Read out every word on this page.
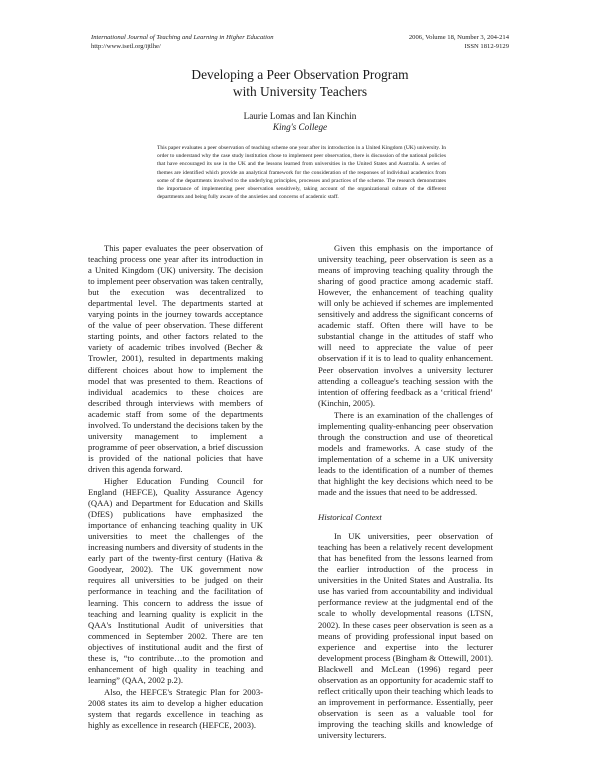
International Journal of Teaching and Learning in Higher Education	2006, Volume 18, Number 3, 204-214
http://www.isetl.org/ijtlhe/	ISSN 1812-9129
Developing a Peer Observation Program
with University Teachers
Laurie Lomas and Ian Kinchin
King's College
This paper evaluates a peer observation of teaching scheme one year after its introduction in a United Kingdom (UK) university. In order to understand why the case study institution chose to implement peer observation, there is discussion of the national policies that have encouraged its use in the UK and the lessons learned from universities in the United States and Australia. A series of themes are identified which provide an analytical framework for the consideration of the responses of individual academics from some of the departments involved to the underlying principles, processes and practices of the scheme. The research demonstrates the importance of implementing peer observation sensitively, taking account of the organizational culture of the different departments and being fully aware of the anxieties and concerns of academic staff.

This paper evaluates the peer observation of teaching process one year after its introduction in a United Kingdom (UK) university. The decision to implement peer observation was taken centrally, but the execution was decentralized to departmental level. The departments started at varying points in the journey towards acceptance of the value of peer observation. These different starting points, and other factors related to the variety of academic tribes involved (Becher & Trowler, 2001), resulted in departments making different choices about how to implement the model that was presented to them. Reactions of individual academics to these choices are described through interviews with members of academic staff from some of the departments involved. To understand the decisions taken by the university management to implement a programme of peer observation, a brief discussion is provided of the national policies that have driven this agenda forward.

Higher Education Funding Council for England (HEFCE), Quality Assurance Agency (QAA) and Department for Education and Skills (DfES) publications have emphasized the importance of enhancing teaching quality in UK universities to meet the challenges of the increasing numbers and diversity of students in the early part of the twenty-first century (Hativa & Goodyear, 2002). The UK government now requires all universities to be judged on their performance in teaching and the facilitation of learning. This concern to address the issue of teaching and learning quality is explicit in the QAA's Institutional Audit of universities that commenced in September 2002. There are ten objectives of institutional audit and the first of these is, “to contribute…to the promotion and enhancement of high quality in teaching and learning” (QAA, 2002 p.2).

Also, the HEFCE's Strategic Plan for 2003-2008 states its aim to develop a higher education system that regards excellence in teaching as highly as excellence in research (HEFCE, 2003).

Given this emphasis on the importance of university teaching, peer observation is seen as a means of improving teaching quality through the sharing of good practice among academic staff. However, the enhancement of teaching quality will only be achieved if schemes are implemented sensitively and address the significant concerns of academic staff. Often there will have to be substantial change in the attitudes of staff who will need to appreciate the value of peer observation if it is to lead to quality enhancement. Peer observation involves a university lecturer attending a colleague's teaching session with the intention of offering feedback as a ‘critical friend’ (Kinchin, 2005).

There is an examination of the challenges of implementing quality-enhancing peer observation through the construction and use of theoretical models and frameworks. A case study of the implementation of a scheme in a UK university leads to the identification of a number of themes that highlight the key decisions which need to be made and the issues that need to be addressed.

Historical Context

In UK universities, peer observation of teaching has been a relatively recent development that has benefited from the lessons learned from the earlier introduction of the process in universities in the United States and Australia. Its use has varied from accountability and individual performance review at the judgmental end of the scale to wholly developmental reasons (LTSN, 2002). In these cases peer observation is seen as a means of providing professional input based on experience and expertise into the lecturer development process (Bingham & Ottewill, 2001). Blackwell and McLean (1996) regard peer observation as an opportunity for academic staff to reflect critically upon their teaching which leads to an improvement in performance. Essentially, peer observation is seen as a valuable tool for improving the teaching skills and knowledge of university lecturers.
